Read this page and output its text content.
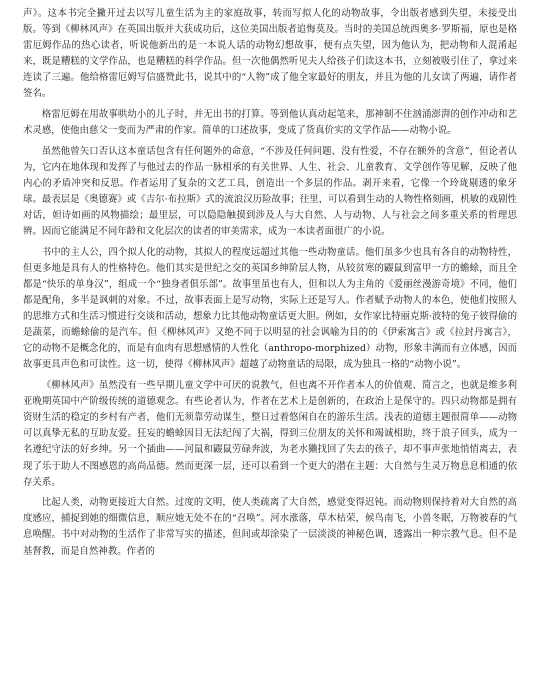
声》。这本书完全撇开过去以写儿童生活为主的家庭故事，转而写拟人化的动物故事，令出版者感到失望，未接受出版。等到《柳林风声》在英国出版并大获成功后，这位美国出版者追悔莫及。当时的美国总统西奥多·罗斯福，原也是格雷厄姆作品的热心读者，听说他新出的是一本说人话的动物幻想故事，便有点失望，因为他认为，把动物和人混淆起来，既是糟糕的文学作品，也是糟糕的科学作品。但一次他偶然听见夫人给孩子们读这本书，立刻被吸引住了，拿过来连读了三遍。他给格雷厄姆写信盛赞此书，说其中的“人物”成了他全家最好的朋友，并且为他的儿女读了两遍，请作者签名。

格雷厄姆在用故事哄幼小的儿子时，并无出书的打算。等到他认真动起笔来，那神制不住汹涌澎湃的创作冲动和艺术灵感，使他由慈父一变而为严肃的作家。简单的口述故事，变成了货真价实的文学作品——动物小说。

虽然他曾矢口否认这本童话包含有任何题外的命意，“不涉及任何问题、没有性爱，不存在额外的含意”，但论者认为，它内在地体现和发挥了与他过去的作品一脉相承的有关世界、人生、社会、儿童教育、文学创作等见解，反映了他内心的矛盾冲突和反思。作者运用了复杂的文艺工具，创造出一个多层的作品。剥开来看，它像一个玲珑剔透的象牙球。最表层是《奥德赛》或《吉尔·布拉斯》式的流浪汉历险故事；往里，可以看到生动的人物性格刻画，机敏的戏剧性对话，妲诗如画的风物描绘；最里层，可以隐隐触摸到涉及人与大自然、人与动物、人与社会之间多重关系的哲理思辨。因而它能满足不同年龄和文化层次的读者的审美需求，成为一本读者面很广的小说。

书中的主人公，四个拟人化的动物，其拟人的程度远超过其他一些动物童话。他们虽多少也具有各自的动物特性，但更多地是具有人的性格特色。他们其实是世纪之交的英国乡绅阶层人物，从较贫寒的鼹鼠到富甲一方的蟾蜍，而且全都是“快乐的单身汉”，组成一个“独身者俱乐部”。故事里虽也有人，但和以人为主角的《爱丽丝漫游奇境》不同，他们都是配角，多半是讽刺的对象。不过，故事表面上是写动物，实际上还是写人。作者赋予动物人的本色，使他们按照人的思维方式和生活习惯进行交谈和活动，想象力比其他动物童话更大胆。例如，女作家比特丽克斯·波特的兔子彼得偷的是蔬菜，而蟾蜍偷的是汽车。但《柳林风声》又绝不同于以明显的社会讽喻为目的的《伊索寓言》或《拉封丹寓言》，它的动物不是概念化的，而是有血肉有思想感情的人性化（anthropo-morphized）动物，形象丰满而有立体感，因而故事更具声色和可读性。这一切，使得《柳林风声》超越了动物童话的局限，成为独具一格的“动物小说”。

《柳林风声》虽然没有一些早期儿童文学中可厌的说教气，但也离不开作者本人的价值观、简言之，也就是维多利亚晚期英国中产阶级传统的道德观念。有些论者认为，作者在艺术上是创新的，在政治上是保守的。四只动物都是拥有资财生活的稳定的乡村有产者，他们无须靠劳动谋生，整日过着悠闲自在的游乐生活。浅表的道德主题很简单——动物可以真挚无私的互助友爱。狂妄的蟾蜍因目无法纪闯了大祸，得到三位朋友的关怀和竭诚相助，终于浪子回头，成为一名遵纪守法的好乡绅。另一个插曲——河鼠和鼹鼠劳碌奔波，为老水獭找回了失去的孩子，却不事声张地悄悄离去，表现了乐于助人不图感恩的高尚品德。然而更深一层，还可以看到一个更大的潜在主题：大自然与生灵万物息息相通的依存关系。

比起人类，动物更接近大自然。过度的文明，使人类疏离了大自然，感觉变得迟钝。而动物则保持着对大自然的高度感应，捕捉到她的细微信息，顺应她无处不在的“召唤”。河水涨落，草木枯荣，候鸟南飞，小兽冬眠，万物被春的气息唤醒。书中对动物的生活作了非常写实的描述，但间或却涂染了一层淡淡的神秘色调，透露出一种宗教气息。但不是基督教，而是自然神教。作者的
